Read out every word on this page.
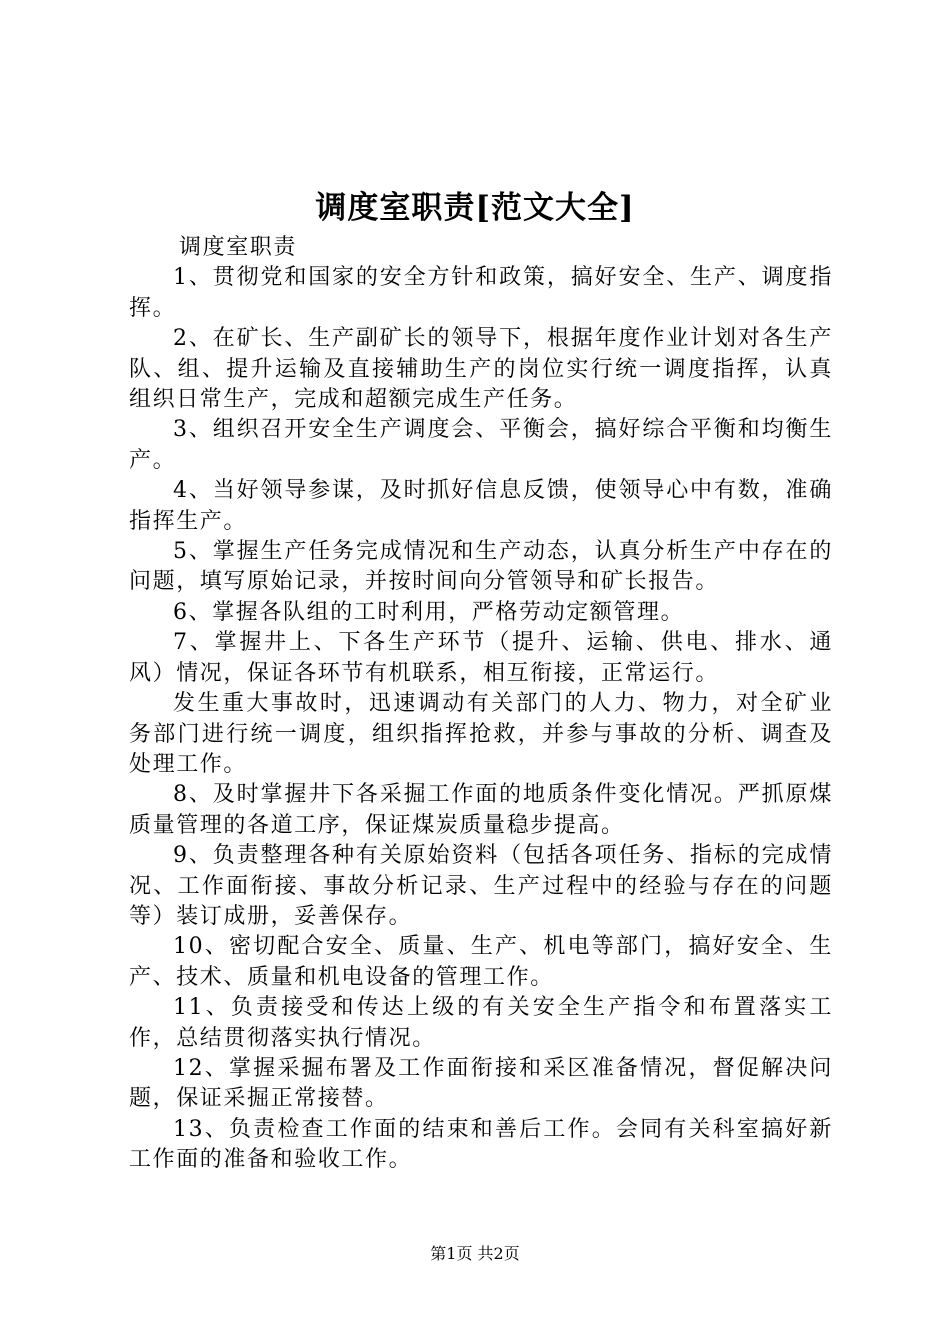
调度室职责[范文大全]

调度室职责

1、贯彻党和国家的安全方针和政策，搞好安全、生产、调度指挥。

2、在矿长、生产副矿长的领导下，根据年度作业计划对各生产队、组、提升运输及直接辅助生产的岗位实行统一调度指挥，认真组织日常生产，完成和超额完成生产任务。

3、组织召开安全生产调度会、平衡会，搞好综合平衡和均衡生产。

4、当好领导参谋，及时抓好信息反馈，使领导心中有数，准确指挥生产。

5、掌握生产任务完成情况和生产动态，认真分析生产中存在的问题，填写原始记录，并按时间向分管领导和矿长报告。

6、掌握各队组的工时利用，严格劳动定额管理。

7、掌握井上、下各生产环节（提升、运输、供电、排水、通风）情况，保证各环节有机联系，相互衔接，正常运行。

发生重大事故时，迅速调动有关部门的人力、物力，对全矿业务部门进行统一调度，组织指挥抢救，并参与事故的分析、调查及处理工作。

8、及时掌握井下各采掘工作面的地质条件变化情况。严抓原煤质量管理的各道工序，保证煤炭质量稳步提高。

9、负责整理各种有关原始资料（包括各项任务、指标的完成情况、工作面衔接、事故分析记录、生产过程中的经验与存在的问题等）装订成册，妥善保存。

10、密切配合安全、质量、生产、机电等部门，搞好安全、生产、技术、质量和机电设备的管理工作。

11、负责接受和传达上级的有关安全生产指令和布置落实工作，总结贯彻落实执行情况。

12、掌握采掘布署及工作面衔接和采区准备情况，督促解决问题，保证采掘正常接替。

13、负责检查工作面的结束和善后工作。会同有关科室搞好新工作面的准备和验收工作。

第1页 共2页
